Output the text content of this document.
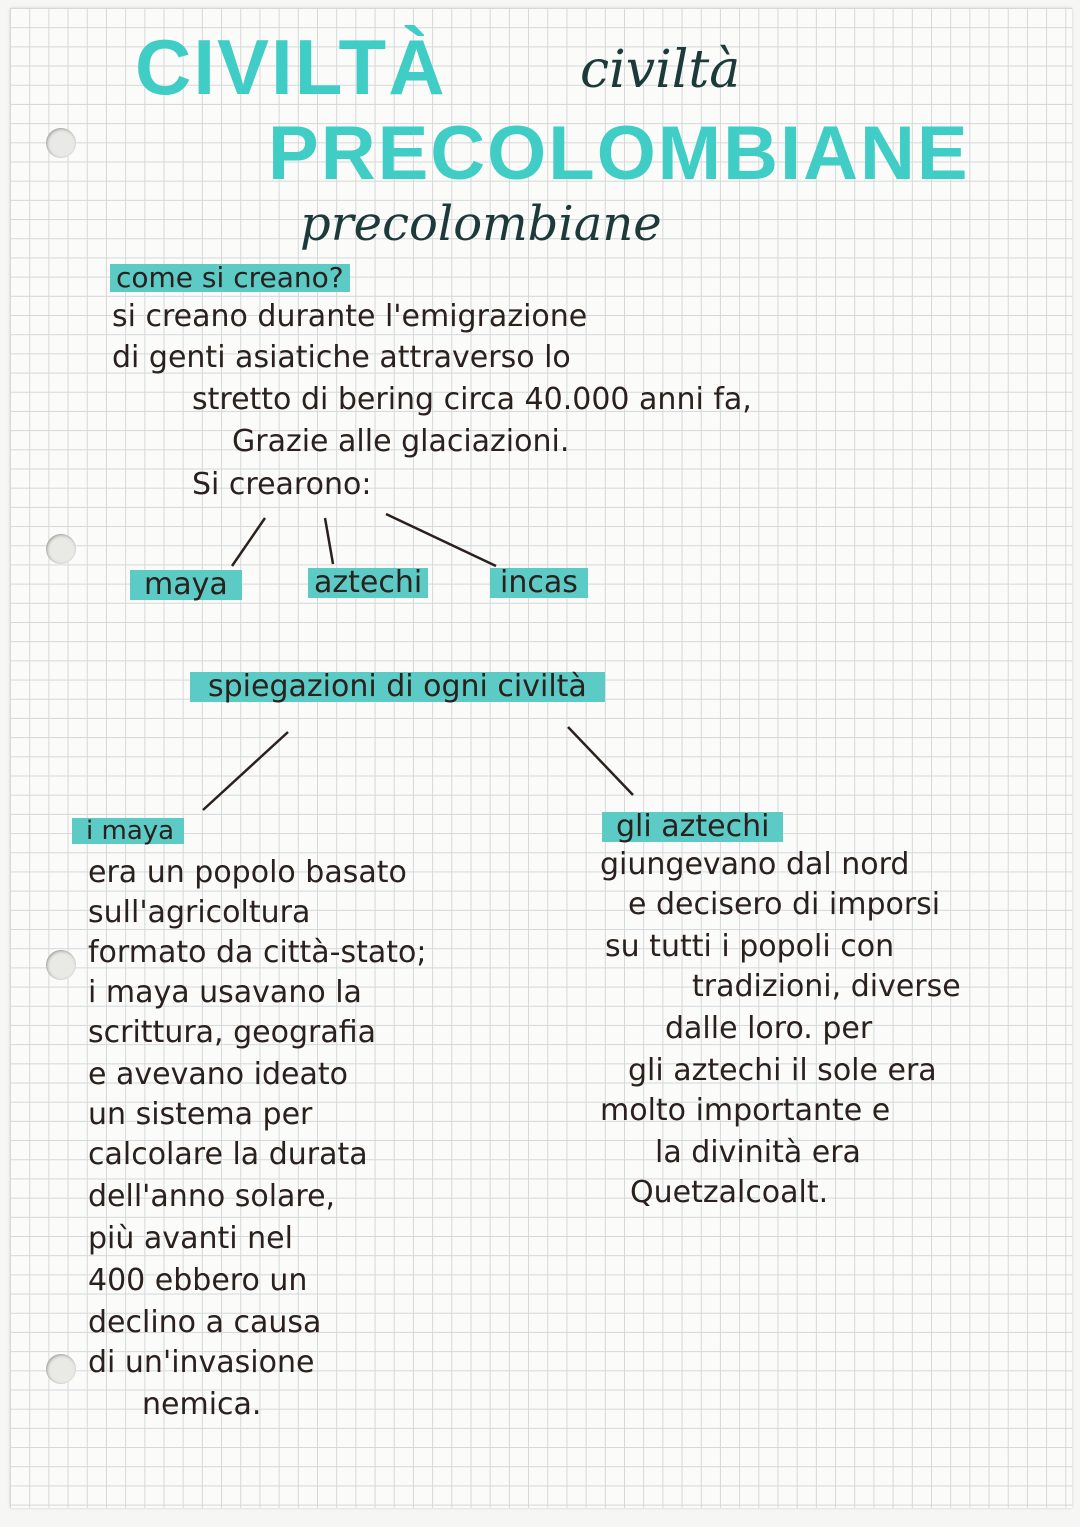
CIVILTÀ	civiltà
PRECOLOMBIANE
precolombiane
come si creano?
si creano durante l'emigrazione
di genti asiatiche attraverso lo
stretto di bering circa 40.000 anni fa,
Grazie alle glaciazioni.
Si crearono:
maya	aztechi	incas
spiegazioni di ogni civiltà
i maya
era un popolo basato
sull'agricoltura
formato da città-stato;
i maya usavano la
scrittura, geografia
e avevano ideato
un sistema per
calcolare la durata
dell'anno solare,
più avanti nel
400 ebbero un
declino a causa
di un'invasione
nemica.
gli aztechi
giungevano dal nord
e decisero di imporsi
su tutti i popoli con
tradizioni, diverse
dalle loro. per
gli aztechi il sole era
molto importante e
la divinità era
Quetzalcoalt.
